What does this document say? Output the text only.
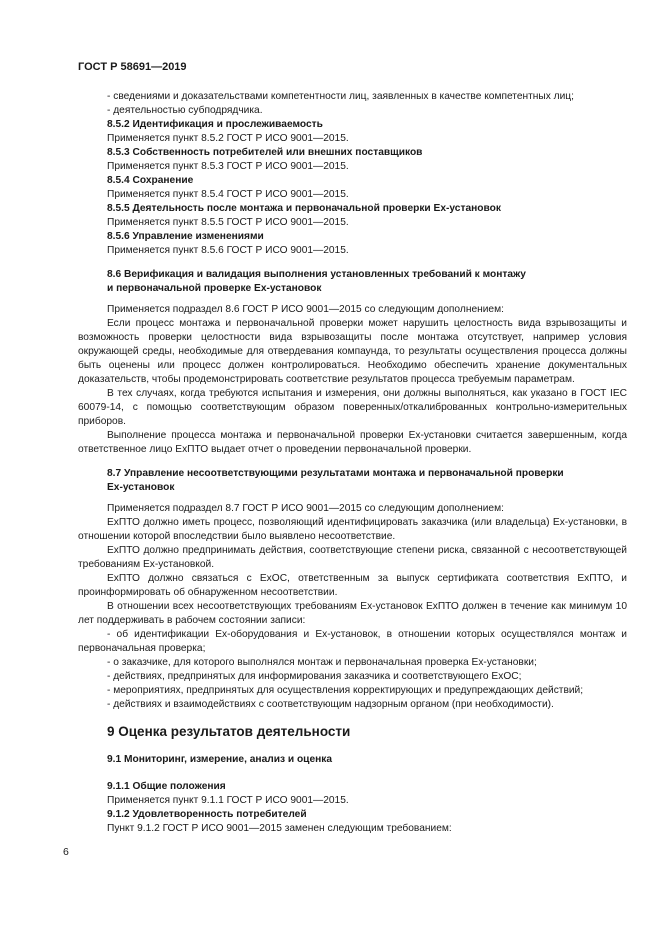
ГОСТ Р 58691—2019

- сведениями и доказательствами компетентности лиц, заявленных в качестве компетентных лиц;

- деятельностью субподрядчика.

8.5.2 Идентификация и прослеживаемость

Применяется пункт 8.5.2 ГОСТ Р ИСО 9001—2015.

8.5.3 Собственность потребителей или внешних поставщиков

Применяется пункт 8.5.3 ГОСТ Р ИСО 9001—2015.

8.5.4 Сохранение

Применяется пункт 8.5.4 ГОСТ Р ИСО 9001—2015.

8.5.5 Деятельность после монтажа и первоначальной проверки Ex-установок

Применяется пункт 8.5.5 ГОСТ Р ИСО 9001—2015.

8.5.6 Управление изменениями

Применяется пункт 8.5.6 ГОСТ Р ИСО 9001—2015.

8.6 Верификация и валидация выполнения установленных требований к монтажу

и первоначальной проверке Ex-установок

Применяется подраздел 8.6 ГОСТ Р ИСО 9001—2015 со следующим дополнением:

Если процесс монтажа и первоначальной проверки может нарушить целостность вида взрывозащиты и возможность проверки целостности вида взрывозащиты после монтажа отсутствует, например условия окружающей среды, необходимые для отвердевания компаунда, то результаты осуществления процесса должны быть оценены или процесс должен контролироваться. Необходимо обеспечить хранение документальных доказательств, чтобы продемонстрировать соответствие результатов процесса требуемым параметрам.

В тех случаях, когда требуются испытания и измерения, они должны выполняться, как указано в ГОСТ IEC 60079-14, с помощью соответствующим образом поверенных/откалиброванных контрольно-измерительных приборов.

Выполнение процесса монтажа и первоначальной проверки Ex-установки считается завершенным, когда ответственное лицо ExПТО выдает отчет о проведении первоначальной проверки.

8.7 Управление несоответствующими результатами монтажа и первоначальной проверки

Ex-установок

Применяется подраздел 8.7 ГОСТ Р ИСО 9001—2015 со следующим дополнением:

ExПТО должно иметь процесс, позволяющий идентифицировать заказчика (или владельца) Ex-установки, в отношении которой впоследствии было выявлено несоответствие.

ExПТО должно предпринимать действия, соответствующие степени риска, связанной с несоответствующей требованиям Ex-установкой.

ExПТО должно связаться с ExОС, ответственным за выпуск сертификата соответствия ExПТО, и проинформировать об обнаруженном несоответствии.

В отношении всех несоответствующих требованиям Ex-установок ExПТО должен в течение как минимум 10 лет поддерживать в рабочем состоянии записи:

- об идентификации Ex-оборудования и Ex-установок, в отношении которых осуществлялся монтаж и первоначальная проверка;

- о заказчике, для которого выполнялся монтаж и первоначальная проверка Ex-установки;

- действиях, предпринятых для информирования заказчика и соответствующего ExОС;

- мероприятиях, предпринятых для осуществления корректирующих и предупреждающих действий;

- действиях и взаимодействиях с соответствующим надзорным органом (при необходимости).

9 Оценка результатов деятельности

9.1 Мониторинг, измерение, анализ и оценка

9.1.1 Общие положения

Применяется пункт 9.1.1 ГОСТ Р ИСО 9001—2015.

9.1.2 Удовлетворенность потребителей

Пункт 9.1.2 ГОСТ Р ИСО 9001—2015 заменен следующим требованием:

6
